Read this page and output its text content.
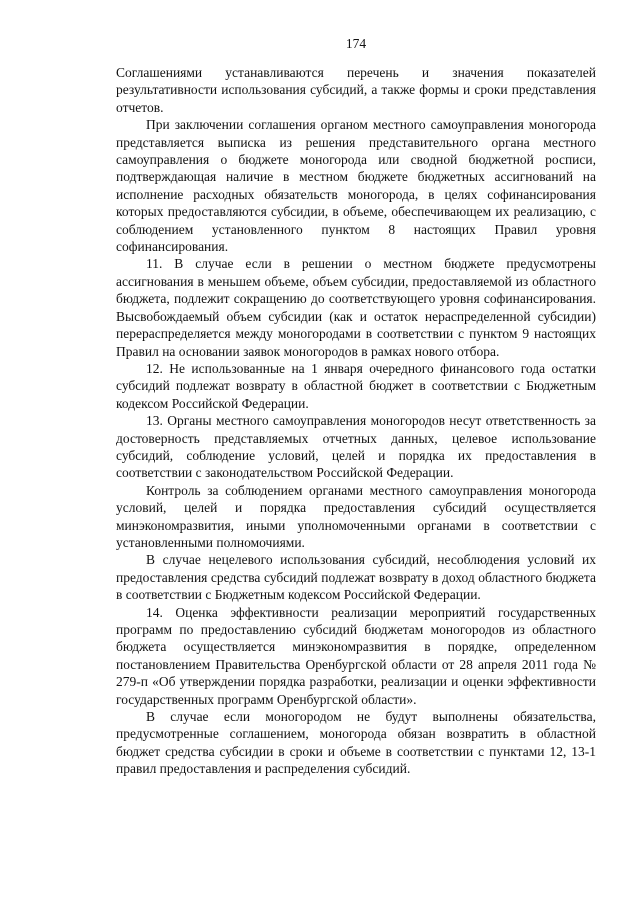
174

Соглашениями устанавливаются перечень и значения показателей результативности использования субсидий, а также формы и сроки представления отчетов.

При заключении соглашения органом местного самоуправления моногорода представляется выписка из решения представительного органа местного самоуправления о бюджете моногорода или сводной бюджетной росписи, подтверждающая наличие в местном бюджете бюджетных ассигнований на исполнение расходных обязательств моногорода, в целях софинансирования которых предоставляются субсидии, в объеме, обеспечивающем их реализацию, с соблюдением установленного пунктом 8 настоящих Правил уровня софинансирования.

11. В случае если в решении о местном бюджете предусмотрены ассигнования в меньшем объеме, объем субсидии, предоставляемой из областного бюджета, подлежит сокращению до соответствующего уровня софинансирования. Высвобождаемый объем субсидии (как и остаток нераспределенной субсидии) перераспределяется между моногородами в соответствии с пунктом 9 настоящих Правил на основании заявок моногородов в рамках нового отбора.

12. Не использованные на 1 января очередного финансового года остатки субсидий подлежат возврату в областной бюджет в соответствии с Бюджетным кодексом Российской Федерации.

13. Органы местного самоуправления моногородов несут ответственность за достоверность представляемых отчетных данных, целевое использование субсидий, соблюдение условий, целей и порядка их предоставления в соответствии с законодательством Российской Федерации.

Контроль за соблюдением органами местного самоуправления моногорода условий, целей и порядка предоставления субсидий осуществляется минэкономразвития, иными уполномоченными органами в соответствии с установленными полномочиями.

В случае нецелевого использования субсидий, несоблюдения условий их предоставления средства субсидий подлежат возврату в доход областного бюджета в соответствии с Бюджетным кодексом Российской Федерации.

14. Оценка эффективности реализации мероприятий государственных программ по предоставлению субсидий бюджетам моногородов из областного бюджета осуществляется минэкономразвития в порядке, определенном постановлением Правительства Оренбургской области от 28 апреля 2011 года № 279-п «Об утверждении порядка разработки, реализации и оценки эффективности государственных программ Оренбургской области».

В случае если моногородом не будут выполнены обязательства, предусмотренные соглашением, моногорода обязан возвратить в областной бюджет средства субсидии в сроки и объеме в соответствии с пунктами 12, 13-1 правил предоставления и распределения субсидий.
